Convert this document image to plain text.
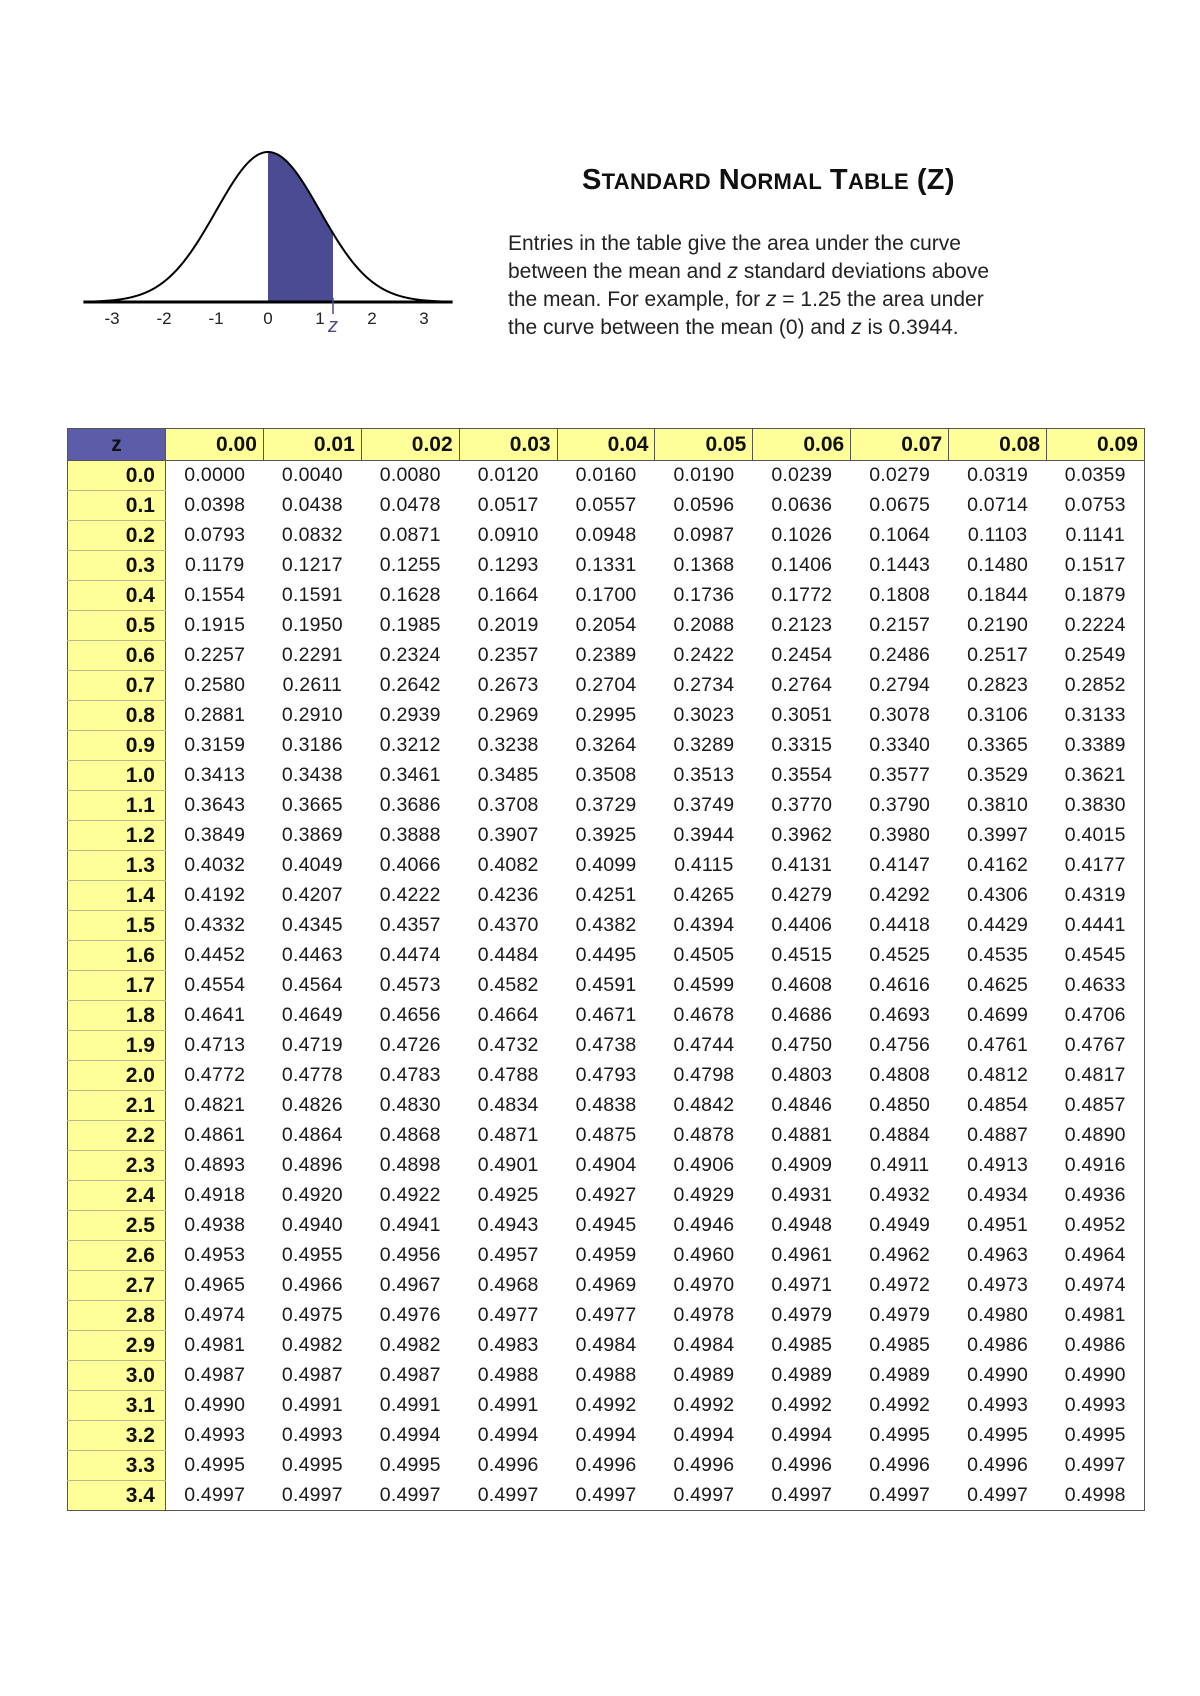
-3 -2 -1 0	1	2	3
z
STANDARD NORMAL TABLE (Z)

Entries in the table give the area under the curve
between the mean and z standard deviations above
the mean. For example, for z = 1.25 the area under
the curve between the mean (0) and z is 0.3944.

z	0.00	0.01	0.02	0.03	0.04	0.05	0.06	0.07	0.08	0.09
0.0	0.0000	0.0040	0.0080	0.0120	0.0160	0.0190	0.0239	0.0279	0.0319	0.0359
0.1	0.0398	0.0438	0.0478	0.0517	0.0557	0.0596	0.0636	0.0675	0.0714	0.0753
0.2	0.0793	0.0832	0.0871	0.0910	0.0948	0.0987	0.1026	0.1064	0.1103	0.1141
0.3	0.1179	0.1217	0.1255	0.1293	0.1331	0.1368	0.1406	0.1443	0.1480	0.1517
0.4	0.1554	0.1591	0.1628	0.1664	0.1700	0.1736	0.1772	0.1808	0.1844	0.1879
0.5	0.1915	0.1950	0.1985	0.2019	0.2054	0.2088	0.2123	0.2157	0.2190	0.2224
0.6	0.2257	0.2291	0.2324	0.2357	0.2389	0.2422	0.2454	0.2486	0.2517	0.2549
0.7	0.2580	0.2611	0.2642	0.2673	0.2704	0.2734	0.2764	0.2794	0.2823	0.2852
0.8	0.2881	0.2910	0.2939	0.2969	0.2995	0.3023	0.3051	0.3078	0.3106	0.3133
0.9	0.3159	0.3186	0.3212	0.3238	0.3264	0.3289	0.3315	0.3340	0.3365	0.3389
1.0	0.3413	0.3438	0.3461	0.3485	0.3508	0.3513	0.3554	0.3577	0.3529	0.3621
1.1	0.3643	0.3665	0.3686	0.3708	0.3729	0.3749	0.3770	0.3790	0.3810	0.3830
1.2	0.3849	0.3869	0.3888	0.3907	0.3925	0.3944	0.3962	0.3980	0.3997	0.4015
1.3	0.4032	0.4049	0.4066	0.4082	0.4099	0.4115	0.4131	0.4147	0.4162	0.4177
1.4	0.4192	0.4207	0.4222	0.4236	0.4251	0.4265	0.4279	0.4292	0.4306	0.4319
1.5	0.4332	0.4345	0.4357	0.4370	0.4382	0.4394	0.4406	0.4418	0.4429	0.4441
1.6	0.4452	0.4463	0.4474	0.4484	0.4495	0.4505	0.4515	0.4525	0.4535	0.4545
1.7	0.4554	0.4564	0.4573	0.4582	0.4591	0.4599	0.4608	0.4616	0.4625	0.4633
1.8	0.4641	0.4649	0.4656	0.4664	0.4671	0.4678	0.4686	0.4693	0.4699	0.4706
1.9	0.4713	0.4719	0.4726	0.4732	0.4738	0.4744	0.4750	0.4756	0.4761	0.4767
2.0	0.4772	0.4778	0.4783	0.4788	0.4793	0.4798	0.4803	0.4808	0.4812	0.4817
2.1	0.4821	0.4826	0.4830	0.4834	0.4838	0.4842	0.4846	0.4850	0.4854	0.4857
2.2	0.4861	0.4864	0.4868	0.4871	0.4875	0.4878	0.4881	0.4884	0.4887	0.4890
2.3	0.4893	0.4896	0.4898	0.4901	0.4904	0.4906	0.4909	0.4911	0.4913	0.4916
2.4	0.4918	0.4920	0.4922	0.4925	0.4927	0.4929	0.4931	0.4932	0.4934	0.4936
2.5	0.4938	0.4940	0.4941	0.4943	0.4945	0.4946	0.4948	0.4949	0.4951	0.4952
2.6	0.4953	0.4955	0.4956	0.4957	0.4959	0.4960	0.4961	0.4962	0.4963	0.4964
2.7	0.4965	0.4966	0.4967	0.4968	0.4969	0.4970	0.4971	0.4972	0.4973	0.4974
2.8	0.4974	0.4975	0.4976	0.4977	0.4977	0.4978	0.4979	0.4979	0.4980	0.4981
2.9	0.4981	0.4982	0.4982	0.4983	0.4984	0.4984	0.4985	0.4985	0.4986	0.4986
3.0	0.4987	0.4987	0.4987	0.4988	0.4988	0.4989	0.4989	0.4989	0.4990	0.4990
3.1	0.4990	0.4991	0.4991	0.4991	0.4992	0.4992	0.4992	0.4992	0.4993	0.4993
3.2	0.4993	0.4993	0.4994	0.4994	0.4994	0.4994	0.4994	0.4995	0.4995	0.4995
3.3	0.4995	0.4995	0.4995	0.4996	0.4996	0.4996	0.4996	0.4996	0.4996	0.4997
3.4	0.4997	0.4997	0.4997	0.4997	0.4997	0.4997	0.4997	0.4997	0.4997	0.4998
